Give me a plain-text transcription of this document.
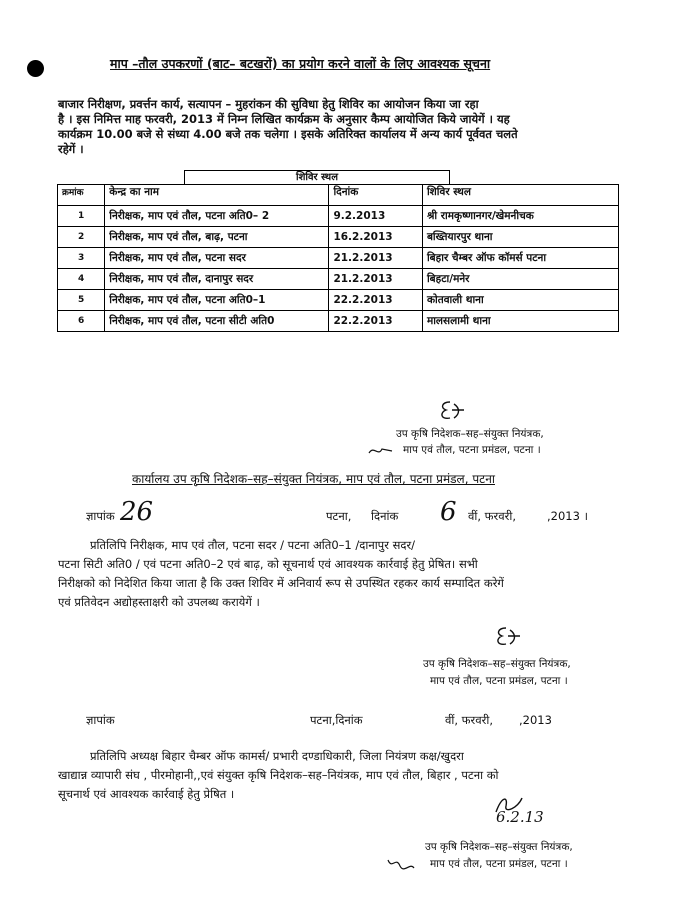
माप –तौल उपकरणों (बाट– बटखरों) का प्रयोग करने वालों के लिए आवश्यक सूचना

बाजार निरीक्षण, प्रवर्त्तन कार्य, सत्यापन – मुहरांकन की सुविधा हेतु शिविर का आयोजन किया जा रहा

है । इस निमित्त माह फरवरी, 2013 में निम्न लिखित कार्यक्रम के अनुसार कैम्प आयोजित किये जायेगें । यह

कार्यक्रम 10.00 बजे से संध्या 4.00 बजे तक चलेगा । इसके अतिरिक्त कार्यालय में अन्य कार्य पूर्ववत चलते

रहेगें ।

शिविर स्थल
क्रमांक	केन्द्र का नाम	दिनांक	शिविर स्थल
1	निरीक्षक, माप एवं तौल, पटना अति0– 2	9.2.2013	श्री रामकृष्णानगर/खेमनीचक
2	निरीक्षक, माप एवं तौल, बाढ़, पटना	16.2.2013	बख्तियारपुर थाना
3	निरीक्षक, माप एवं तौल, पटना सदर	21.2.2013	बिहार चैम्बर ऑफ कॉमर्स पटना
4	निरीक्षक, माप एवं तौल, दानापुर सदर	21.2.2013	बिहटा/मनेर
5	निरीक्षक, माप एवं तौल, पटना अति0–1	22.2.2013	कोतवाली थाना
6	निरीक्षक, माप एवं तौल, पटना सीटी अति0	22.2.2013	मालसलामी थाना
उप कृषि निदेशक–सह–संयुक्त नियंत्रक,
माप एवं तौल, पटना प्रमंडल, पटना ।
कार्यालय उप कृषि निदेशक–सह–संयुक्त नियंत्रक, माप एवं तौल, पटना प्रमंडल, पटना
ज्ञापांक 26	पटना, दिनांक 6 वीं, फरवरी,	,2013 ।
प्रतिलिपि निरीक्षक, माप एवं तौल, पटना सदर / पटना अति0–1 /दानापुर सदर/
पटना सिटी अति0 / एवं पटना अति0–2 एवं बाढ़, को सूचनार्थ एवं आवश्यक कार्रवाई हेतु प्रेषित। सभी
निरीक्षको को निदेशित किया जाता है कि उक्त शिविर में अनिवार्य रूप से उपस्थित रहकर कार्य सम्पादित करेगें
एवं प्रतिवेदन अद्योहस्ताक्षरी को उपलब्ध करायेगें ।
उप कृषि निदेशक–सह–संयुक्त नियंत्रक,
माप एवं तौल, पटना प्रमंडल, पटना ।
ज्ञापांक	पटना,दिनांक	वीं, फरवरी, ,2013
प्रतिलिपि अध्यक्ष बिहार चैम्बर ऑफ कामर्स/ प्रभारी दण्डाधिकारी, जिला नियंत्रण कक्ष/खुदरा
खाद्यान्न व्यापारी संघ , पीरमोहानी,,एवं संयुक्त कृषि निदेशक–सह–नियंत्रक, माप एवं तौल, बिहार , पटना को
सूचनार्थ एवं आवश्यक कार्रवाई हेतु प्रेषित ।
6.2.13
उप कृषि निदेशक–सह–संयुक्त नियंत्रक,
माप एवं तौल, पटना प्रमंडल, पटना ।
